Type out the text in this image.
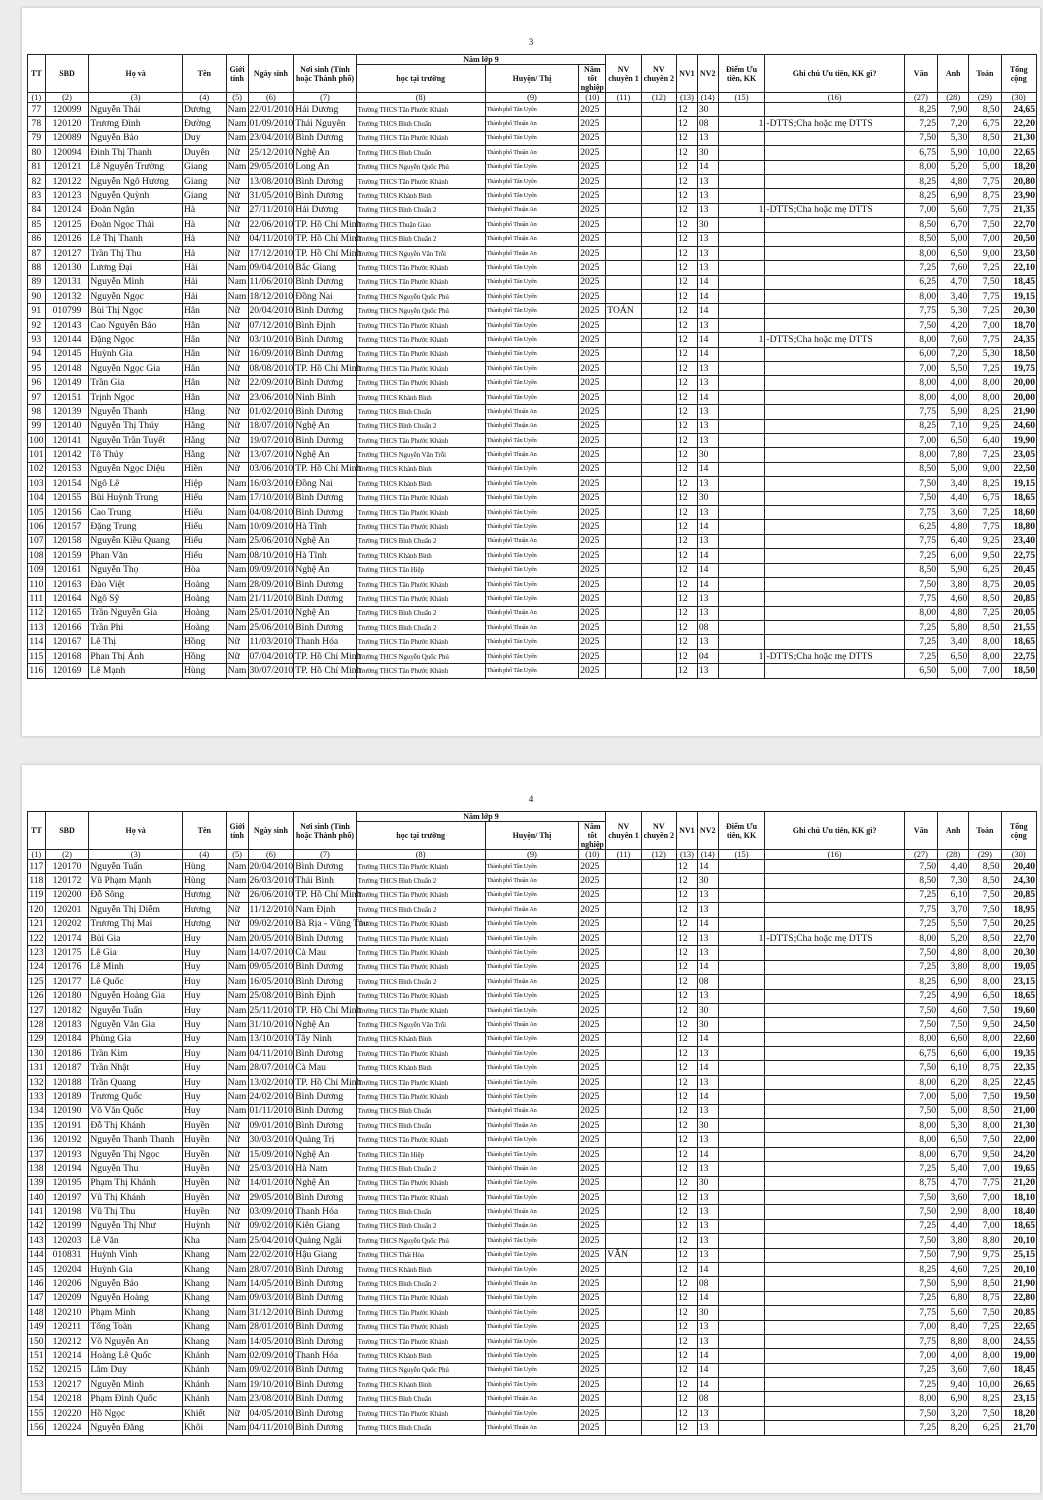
3
TT	SBD	Họ và	Tên	Giới tính	Ngày sinh	Nơi sinh (Tỉnh hoặc Thành phố)	Năm lớp 9			NV chuyên 1	NV chuyên 2	NV1	NV2	Điểm Ưu tiên, KK	Ghi chú Ưu tiên, KK gì?	Văn	Anh	Toán	Tổng cộng
							học tại trường	Huyện/ Thị	Năm tốt nghiệp										
(1)	(2)	(3)	(4)	(5)	(6)	(7)	(8)	(9)	(10)	(11)	(12)	(13)	(14)	(15)	(16)	(27)	(28)	(29)	(30)
77	120099	Nguyễn Thái	Dương	Nam	22/01/2010	Hải Dương	Trường THCS Tân Phước Khánh	Thành phố Tân Uyên	2025			12	30			8,25	7,90	8,50	24,65
78	120120	Trương Đình	Đường	Nam	01/09/2010	Thái Nguyên	Trường THCS Bình Chuẩn	Thành phố Thuận An	2025			12	08	1	-DTTS;Cha hoặc mẹ DTTS	7,25	7,20	6,75	22,20
79	120089	Nguyễn Bảo	Duy	Nam	23/04/2010	Bình Dương	Trường THCS Tân Phước Khánh	Thành phố Tân Uyên	2025			12	13			7,50	5,30	8,50	21,30
80	120094	Đinh Thị Thanh	Duyên	Nữ	25/12/2010	Nghệ An	Trường THCS Bình Chuẩn	Thành phố Thuận An	2025			12	30			6,75	5,90	10,00	22,65
81	120121	Lê Nguyễn Trường	Giang	Nam	29/05/2010	Long An	Trường THCS Nguyễn Quốc Phú	Thành phố Tân Uyên	2025			12	14			8,00	5,20	5,00	18,20
82	120122	Nguyễn Ngô Hương	Giang	Nữ	13/08/2010	Bình Dương	Trường THCS Tân Phước Khánh	Thành phố Tân Uyên	2025			12	13			8,25	4,80	7,75	20,80
83	120123	Nguyễn Quỳnh	Giang	Nữ	31/05/2010	Bình Dương	Trường THCS Khánh Bình	Thành phố Tân Uyên	2025			12	13			8,25	6,90	8,75	23,90
84	120124	Đoàn Ngân	Hà	Nữ	27/11/2010	Hải Dương	Trường THCS Bình Chuẩn 2	Thành phố Thuận An	2025			12	13	1	-DTTS;Cha hoặc mẹ DTTS	7,00	5,60	7,75	21,35
85	120125	Đoàn Ngọc Thái	Hà	Nữ	22/06/2010	TP. Hồ Chí Minh	Trường THCS Thuận Giao	Thành phố Thuận An	2025			12	30			8,50	6,70	7,50	22,70
86	120126	Lê Thị Thanh	Hà	Nữ	04/11/2010	TP. Hồ Chí Minh	Trường THCS Bình Chuẩn 2	Thành phố Thuận An	2025			12	13			8,50	5,00	7,00	20,50
87	120127	Trần Thị Thu	Hà	Nữ	17/12/2010	TP. Hồ Chí Minh	Trường THCS Nguyễn Văn Trỗi	Thành phố Thuận An	2025			12	13			8,00	6,50	9,00	23,50
88	120130	Lương Đại	Hải	Nam	09/04/2010	Bắc Giang	Trường THCS Tân Phước Khánh	Thành phố Tân Uyên	2025			12	13			7,25	7,60	7,25	22,10
89	120131	Nguyễn Minh	Hải	Nam	11/06/2010	Bình Dương	Trường THCS Tân Phước Khánh	Thành phố Tân Uyên	2025			12	14			6,25	4,70	7,50	18,45
90	120132	Nguyễn Ngọc	Hải	Nam	18/12/2010	Đồng Nai	Trường THCS Nguyễn Quốc Phú	Thành phố Tân Uyên	2025			12	14			8,00	3,40	7,75	19,15
91	010799	Bùi Thị Ngọc	Hân	Nữ	20/04/2010	Bình Dương	Trường THCS Nguyễn Quốc Phú	Thành phố Tân Uyên	2025	TOÁN		12	14			7,75	5,30	7,25	20,30
92	120143	Cao Nguyễn Bảo	Hân	Nữ	07/12/2010	Bình Định	Trường THCS Tân Phước Khánh	Thành phố Tân Uyên	2025			12	13			7,50	4,20	7,00	18,70
93	120144	Đặng Ngọc	Hân	Nữ	03/10/2010	Bình Dương	Trường THCS Tân Phước Khánh	Thành phố Tân Uyên	2025			12	14	1	-DTTS;Cha hoặc mẹ DTTS	8,00	7,60	7,75	24,35
94	120145	Huỳnh Gia	Hân	Nữ	16/09/2010	Bình Dương	Trường THCS Tân Phước Khánh	Thành phố Tân Uyên	2025			12	14			6,00	7,20	5,30	18,50
95	120148	Nguyễn Ngọc Gia	Hân	Nữ	08/08/2010	TP. Hồ Chí Minh	Trường THCS Tân Phước Khánh	Thành phố Tân Uyên	2025			12	13			7,00	5,50	7,25	19,75
96	120149	Trần Gia	Hân	Nữ	22/09/2010	Bình Dương	Trường THCS Tân Phước Khánh	Thành phố Tân Uyên	2025			12	13			8,00	4,00	8,00	20,00
97	120151	Trịnh Ngọc	Hân	Nữ	23/06/2010	Ninh Bình	Trường THCS Khánh Bình	Thành phố Tân Uyên	2025			12	14			8,00	4,00	8,00	20,00
98	120139	Nguyễn Thanh	Hằng	Nữ	01/02/2010	Bình Dương	Trường THCS Bình Chuẩn	Thành phố Thuận An	2025			12	13			7,75	5,90	8,25	21,90
99	120140	Nguyễn Thị Thúy	Hằng	Nữ	18/07/2010	Nghệ An	Trường THCS Bình Chuẩn 2	Thành phố Thuận An	2025			12	13			8,25	7,10	9,25	24,60
100	120141	Nguyễn Trần Tuyết	Hằng	Nữ	19/07/2010	Bình Dương	Trường THCS Tân Phước Khánh	Thành phố Tân Uyên	2025			12	13			7,00	6,50	6,40	19,90
101	120142	Tô Thúy	Hằng	Nữ	13/07/2010	Nghệ An	Trường THCS Nguyễn Văn Trỗi	Thành phố Thuận An	2025			12	30			8,00	7,80	7,25	23,05
102	120153	Nguyễn Ngọc Diệu	Hiền	Nữ	03/06/2010	TP. Hồ Chí Minh	Trường THCS Khánh Bình	Thành phố Tân Uyên	2025			12	14			8,50	5,00	9,00	22,50
103	120154	Ngô Lê	Hiệp	Nam	16/03/2010	Đồng Nai	Trường THCS Khánh Bình	Thành phố Tân Uyên	2025			12	13			7,50	3,40	8,25	19,15
104	120155	Bùi Huỳnh Trung	Hiếu	Nam	17/10/2010	Bình Dương	Trường THCS Tân Phước Khánh	Thành phố Tân Uyên	2025			12	30			7,50	4,40	6,75	18,65
105	120156	Cao Trung	Hiếu	Nam	04/08/2010	Bình Dương	Trường THCS Tân Phước Khánh	Thành phố Tân Uyên	2025			12	13			7,75	3,60	7,25	18,60
106	120157	Đặng Trung	Hiếu	Nam	10/09/2010	Hà Tĩnh	Trường THCS Tân Phước Khánh	Thành phố Tân Uyên	2025			12	14			6,25	4,80	7,75	18,80
107	120158	Nguyễn Kiều Quang	Hiếu	Nam	25/06/2010	Nghệ An	Trường THCS Bình Chuẩn 2	Thành phố Thuận An	2025			12	13			7,75	6,40	9,25	23,40
108	120159	Phan Văn	Hiếu	Nam	08/10/2010	Hà Tĩnh	Trường THCS Khánh Bình	Thành phố Tân Uyên	2025			12	14			7,25	6,00	9,50	22,75
109	120161	Nguyễn Thọ	Hòa	Nam	09/09/2010	Nghệ An	Trường THCS Tân Hiệp	Thành phố Tân Uyên	2025			12	14			8,50	5,90	6,25	20,45
110	120163	Đào Việt	Hoàng	Nam	28/09/2010	Bình Dương	Trường THCS Tân Phước Khánh	Thành phố Tân Uyên	2025			12	14			7,50	3,80	8,75	20,05
111	120164	Ngô Sỹ	Hoàng	Nam	21/11/2010	Bình Dương	Trường THCS Tân Phước Khánh	Thành phố Tân Uyên	2025			12	13			7,75	4,60	8,50	20,85
112	120165	Trần Nguyễn Gia	Hoàng	Nam	25/01/2010	Nghệ An	Trường THCS Bình Chuẩn 2	Thành phố Thuận An	2025			12	13			8,00	4,80	7,25	20,05
113	120166	Trần Phi	Hoàng	Nam	25/06/2010	Bình Dương	Trường THCS Bình Chuẩn 2	Thành phố Thuận An	2025			12	08			7,25	5,80	8,50	21,55
114	120167	Lê Thị	Hồng	Nữ	11/03/2010	Thanh Hóa	Trường THCS Tân Phước Khánh	Thành phố Tân Uyên	2025			12	13			7,25	3,40	8,00	18,65
115	120168	Phan Thị Ánh	Hồng	Nữ	07/04/2010	TP. Hồ Chí Minh	Trường THCS Nguyễn Quốc Phú	Thành phố Tân Uyên	2025			12	04	1	-DTTS;Cha hoặc mẹ DTTS	7,25	6,50	8,00	22,75
116	120169	Lê Mạnh	Hùng	Nam	30/07/2010	TP. Hồ Chí Minh	Trường THCS Tân Phước Khánh	Thành phố Tân Uyên	2025			12	13			6,50	5,00	7,00	18,50
4
TT	SBD	Họ và	Tên	Giới tính	Ngày sinh	Nơi sinh (Tỉnh hoặc Thành phố)	Năm lớp 9			NV chuyên 1	NV chuyên 2	NV1	NV2	Điểm Ưu tiên, KK	Ghi chú Ưu tiên, KK gì?	Văn	Anh	Toán	Tổng cộng
							học tại trường	Huyện/ Thị	Năm tốt nghiệp										
(1)	(2)	(3)	(4)	(5)	(6)	(7)	(8)	(9)	(10)	(11)	(12)	(13)	(14)	(15)	(16)	(27)	(28)	(29)	(30)
117	120170	Nguyễn Tuấn	Hùng	Nam	20/04/2010	Bình Dương	Trường THCS Tân Phước Khánh	Thành phố Tân Uyên	2025			12	14			7,50	4,40	8,50	20,40
118	120172	Vũ Phạm Mạnh	Hùng	Nam	26/03/2010	Thái Bình	Trường THCS Bình Chuẩn 2	Thành phố Thuận An	2025			12	30			8,50	7,30	8,50	24,30
119	120200	Đỗ Sông	Hương	Nữ	26/06/2010	TP. Hồ Chí Minh	Trường THCS Tân Phước Khánh	Thành phố Tân Uyên	2025			12	13			7,25	6,10	7,50	20,85
120	120201	Nguyễn Thị Diễm	Hương	Nữ	11/12/2010	Nam Định	Trường THCS Bình Chuẩn 2	Thành phố Thuận An	2025			12	13			7,75	3,70	7,50	18,95
121	120202	Trương Thị Mai	Hương	Nữ	09/02/2010	Bà Rịa - Vũng Tàu	Trường THCS Tân Phước Khánh	Thành phố Tân Uyên	2025			12	14			7,25	5,50	7,50	20,25
122	120174	Bùi Gia	Huy	Nam	20/05/2010	Bình Dương	Trường THCS Tân Phước Khánh	Thành phố Tân Uyên	2025			12	13	1	-DTTS;Cha hoặc mẹ DTTS	8,00	5,20	8,50	22,70
123	120175	Lê Gia	Huy	Nam	14/07/2010	Cà Mau	Trường THCS Tân Phước Khánh	Thành phố Tân Uyên	2025			12	13			7,50	4,80	8,00	20,30
124	120176	Lê Minh	Huy	Nam	09/05/2010	Bình Dương	Trường THCS Tân Phước Khánh	Thành phố Tân Uyên	2025			12	14			7,25	3,80	8,00	19,05
125	120177	Lê Quốc	Huy	Nam	16/05/2010	Bình Dương	Trường THCS Bình Chuẩn 2	Thành phố Thuận An	2025			12	08			8,25	6,90	8,00	23,15
126	120180	Nguyễn Hoàng Gia	Huy	Nam	25/08/2010	Bình Định	Trường THCS Tân Phước Khánh	Thành phố Tân Uyên	2025			12	13			7,25	4,90	6,50	18,65
127	120182	Nguyễn Tuấn	Huy	Nam	25/11/2010	TP. Hồ Chí Minh	Trường THCS Tân Phước Khánh	Thành phố Tân Uyên	2025			12	30			7,50	4,60	7,50	19,60
128	120183	Nguyễn Văn Gia	Huy	Nam	31/10/2010	Nghệ An	Trường THCS Nguyễn Văn Trỗi	Thành phố Thuận An	2025			12	30			7,50	7,50	9,50	24,50
129	120184	Phùng Gia	Huy	Nam	13/10/2010	Tây Ninh	Trường THCS Khánh Bình	Thành phố Tân Uyên	2025			12	14			8,00	6,60	8,00	22,60
130	120186	Trần Kim	Huy	Nam	04/11/2010	Bình Dương	Trường THCS Tân Phước Khánh	Thành phố Tân Uyên	2025			12	13			6,75	6,60	6,00	19,35
131	120187	Trần Nhật	Huy	Nam	28/07/2010	Cà Mau	Trường THCS Khánh Bình	Thành phố Tân Uyên	2025			12	14			7,50	6,10	8,75	22,35
132	120188	Trần Quang	Huy	Nam	13/02/2010	TP. Hồ Chí Minh	Trường THCS Tân Phước Khánh	Thành phố Tân Uyên	2025			12	13			8,00	6,20	8,25	22,45
133	120189	Trương Quốc	Huy	Nam	24/02/2010	Bình Dương	Trường THCS Tân Phước Khánh	Thành phố Tân Uyên	2025			12	14			7,00	5,00	7,50	19,50
134	120190	Võ Văn Quốc	Huy	Nam	01/11/2010	Bình Dương	Trường THCS Bình Chuẩn	Thành phố Thuận An	2025			12	13			7,50	5,00	8,50	21,00
135	120191	Đỗ Thị Khánh	Huyền	Nữ	09/01/2010	Bình Dương	Trường THCS Bình Chuẩn	Thành phố Thuận An	2025			12	30			8,00	5,30	8,00	21,30
136	120192	Nguyễn Thanh Thanh	Huyền	Nữ	30/03/2010	Quảng Trị	Trường THCS Tân Phước Khánh	Thành phố Tân Uyên	2025			12	13			8,00	6,50	7,50	22,00
137	120193	Nguyễn Thị Ngọc	Huyền	Nữ	15/09/2010	Nghệ An	Trường THCS Tân Hiệp	Thành phố Tân Uyên	2025			12	14			8,00	6,70	9,50	24,20
138	120194	Nguyễn Thu	Huyền	Nữ	25/03/2010	Hà Nam	Trường THCS Bình Chuẩn 2	Thành phố Thuận An	2025			12	13			7,25	5,40	7,00	19,65
139	120195	Phạm Thị Khánh	Huyền	Nữ	14/01/2010	Nghệ An	Trường THCS Tân Phước Khánh	Thành phố Tân Uyên	2025			12	30			8,75	4,70	7,75	21,20
140	120197	Vũ Thị Khánh	Huyền	Nữ	29/05/2010	Bình Dương	Trường THCS Tân Phước Khánh	Thành phố Tân Uyên	2025			12	13			7,50	3,60	7,00	18,10
141	120198	Vũ Thị Thu	Huyền	Nữ	03/09/2010	Thanh Hóa	Trường THCS Bình Chuẩn	Thành phố Thuận An	2025			12	13			7,50	2,90	8,00	18,40
142	120199	Nguyễn Thị Như	Huỳnh	Nữ	09/02/2010	Kiên Giang	Trường THCS Bình Chuẩn 2	Thành phố Thuận An	2025			12	13			7,25	4,40	7,00	18,65
143	120203	Lê Văn	Kha	Nam	25/04/2010	Quảng Ngãi	Trường THCS Nguyễn Quốc Phú	Thành phố Tân Uyên	2025			12	13			7,50	3,80	8,80	20,10
144	010831	Huỳnh Vinh	Khang	Nam	22/02/2010	Hậu Giang	Trường THCS Thái Hòa	Thành phố Tân Uyên	2025	VĂN		12	13			7,50	7,90	9,75	25,15
145	120204	Huỳnh Gia	Khang	Nam	28/07/2010	Bình Dương	Trường THCS Khánh Bình	Thành phố Tân Uyên	2025			12	14			8,25	4,60	7,25	20,10
146	120206	Nguyễn Bảo	Khang	Nam	14/05/2010	Bình Dương	Trường THCS Bình Chuẩn 2	Thành phố Thuận An	2025			12	08			7,50	5,90	8,50	21,90
147	120209	Nguyễn Hoàng	Khang	Nam	09/03/2010	Bình Dương	Trường THCS Tân Phước Khánh	Thành phố Tân Uyên	2025			12	14			7,25	6,80	8,75	22,80
148	120210	Phạm Minh	Khang	Nam	31/12/2010	Bình Dương	Trường THCS Tân Phước Khánh	Thành phố Tân Uyên	2025			12	30			7,75	5,60	7,50	20,85
149	120211	Tống Toàn	Khang	Nam	28/01/2010	Bình Dương	Trường THCS Tân Phước Khánh	Thành phố Tân Uyên	2025			12	13			7,00	8,40	7,25	22,65
150	120212	Võ Nguyễn An	Khang	Nam	14/05/2010	Bình Dương	Trường THCS Tân Phước Khánh	Thành phố Tân Uyên	2025			12	13			7,75	8,80	8,00	24,55
151	120214	Hoàng Lê Quốc	Khánh	Nam	02/09/2010	Thanh Hóa	Trường THCS Khánh Bình	Thành phố Tân Uyên	2025			12	14			7,00	4,00	8,00	19,00
152	120215	Lâm Duy	Khánh	Nam	09/02/2010	Bình Dương	Trường THCS Nguyễn Quốc Phú	Thành phố Tân Uyên	2025			12	14			7,25	3,60	7,60	18,45
153	120217	Nguyễn Minh	Khánh	Nam	19/10/2010	Bình Dương	Trường THCS Khánh Bình	Thành phố Tân Uyên	2025			12	14			7,25	9,40	10,00	26,65
154	120218	Phạm Đình Quốc	Khánh	Nam	23/08/2010	Bình Dương	Trường THCS Bình Chuẩn	Thành phố Thuận An	2025			12	08			8,00	6,90	8,25	23,15
155	120220	Hồ Ngọc	Khiết	Nữ	04/05/2010	Bình Dương	Trường THCS Tân Phước Khánh	Thành phố Tân Uyên	2025			12	13			7,50	3,20	7,50	18,20
156	120224	Nguyễn Đăng	Khôi	Nam	04/11/2010	Bình Dương	Trường THCS Bình Chuẩn	Thành phố Thuận An	2025			12	13			7,25	8,20	6,25	21,70
